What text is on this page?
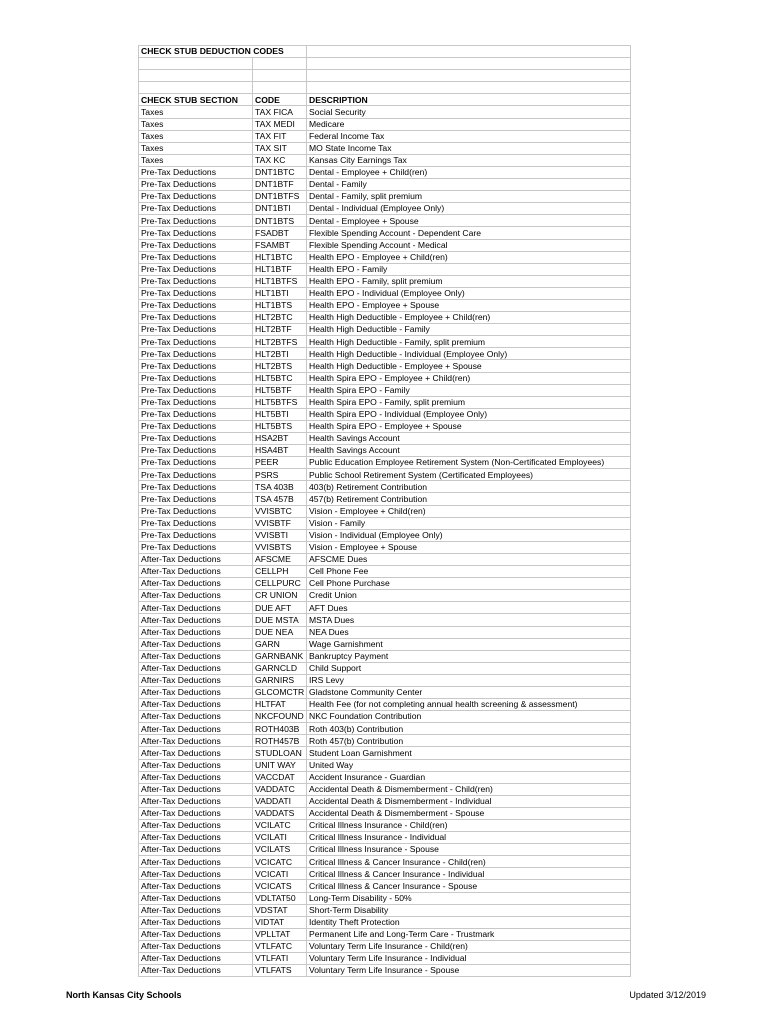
CHECK STUB DEDUCTION CODES		

CHECK STUB SECTION	CODE	DESCRIPTION
Taxes	TAX FICA	Social Security
Taxes	TAX MEDI	Medicare
Taxes	TAX FIT	Federal Income Tax
Taxes	TAX SIT	MO State Income Tax
Taxes	TAX KC	Kansas City Earnings Tax
Pre-Tax Deductions	DNT1BTC	Dental - Employee + Child(ren)
Pre-Tax Deductions	DNT1BTF	Dental - Family
Pre-Tax Deductions	DNT1BTFS	Dental - Family, split premium
Pre-Tax Deductions	DNT1BTI	Dental - Individual (Employee Only)
Pre-Tax Deductions	DNT1BTS	Dental - Employee + Spouse
Pre-Tax Deductions	FSADBT	Flexible Spending Account - Dependent Care
Pre-Tax Deductions	FSAMBT	Flexible Spending Account - Medical
Pre-Tax Deductions	HLT1BTC	Health EPO - Employee + Child(ren)
Pre-Tax Deductions	HLT1BTF	Health EPO - Family
Pre-Tax Deductions	HLT1BTFS	Health EPO - Family, split premium
Pre-Tax Deductions	HLT1BTI	Health EPO - Individual (Employee Only)
Pre-Tax Deductions	HLT1BTS	Health EPO - Employee + Spouse
Pre-Tax Deductions	HLT2BTC	Health High Deductible - Employee + Child(ren)
Pre-Tax Deductions	HLT2BTF	Health High Deductible - Family
Pre-Tax Deductions	HLT2BTFS	Health High Deductible - Family, split premium
Pre-Tax Deductions	HLT2BTI	Health High Deductible - Individual (Employee Only)
Pre-Tax Deductions	HLT2BTS	Health High Deductible - Employee + Spouse
Pre-Tax Deductions	HLT5BTC	Health Spira EPO - Employee + Child(ren)
Pre-Tax Deductions	HLT5BTF	Health Spira EPO - Family
Pre-Tax Deductions	HLT5BTFS	Health Spira EPO - Family, split premium
Pre-Tax Deductions	HLT5BTI	Health Spira EPO - Individual (Employee Only)
Pre-Tax Deductions	HLT5BTS	Health Spira EPO - Employee + Spouse
Pre-Tax Deductions	HSA2BT	Health Savings Account
Pre-Tax Deductions	HSA4BT	Health Savings Account
Pre-Tax Deductions	PEER	Public Education Employee Retirement System (Non-Certificated Employees)
Pre-Tax Deductions	PSRS	Public School Retirement System (Certificated Employees)
Pre-Tax Deductions	TSA 403B	403(b) Retirement Contribution
Pre-Tax Deductions	TSA 457B	457(b) Retirement Contribution
Pre-Tax Deductions	VVISBTC	Vision - Employee + Child(ren)
Pre-Tax Deductions	VVISBTF	Vision - Family
Pre-Tax Deductions	VVISBTI	Vision - Individual (Employee Only)
Pre-Tax Deductions	VVISBTS	Vision - Employee + Spouse
After-Tax Deductions	AFSCME	AFSCME Dues
After-Tax Deductions	CELLPH	Cell Phone Fee
After-Tax Deductions	CELLPURC	Cell Phone Purchase
After-Tax Deductions	CR UNION	Credit Union
After-Tax Deductions	DUE AFT	AFT Dues
After-Tax Deductions	DUE MSTA	MSTA Dues
After-Tax Deductions	DUE NEA	NEA Dues
After-Tax Deductions	GARN	Wage Garnishment
After-Tax Deductions	GARNBANK	Bankruptcy Payment
After-Tax Deductions	GARNCLD	Child Support
After-Tax Deductions	GARNIRS	IRS Levy
After-Tax Deductions	GLCOMCTR	Gladstone Community Center
After-Tax Deductions	HLTFAT	Health Fee (for not completing annual health screening & assessment)
After-Tax Deductions	NKCFOUND	NKC Foundation Contribution
After-Tax Deductions	ROTH403B	Roth 403(b) Contribution
After-Tax Deductions	ROTH457B	Roth 457(b) Contribution
After-Tax Deductions	STUDLOAN	Student Loan Garnishment
After-Tax Deductions	UNIT WAY	United Way
After-Tax Deductions	VACCDAT	Accident Insurance - Guardian
After-Tax Deductions	VADDATC	Accidental Death & Dismemberment - Child(ren)
After-Tax Deductions	VADDATI	Accidental Death & Dismemberment - Individual
After-Tax Deductions	VADDATS	Accidental Death & Dismemberment - Spouse
After-Tax Deductions	VCILATC	Critical Illness Insurance - Child(ren)
After-Tax Deductions	VCILATI	Critical Illness Insurance - Individual
After-Tax Deductions	VCILATS	Critical Illness Insurance - Spouse
After-Tax Deductions	VCICATC	Critical Illness & Cancer Insurance - Child(ren)
After-Tax Deductions	VCICATI	Critical Illness & Cancer Insurance - Individual
After-Tax Deductions	VCICATS	Critical Illness & Cancer Insurance - Spouse
After-Tax Deductions	VDLTAT50	Long-Term Disability - 50%
After-Tax Deductions	VDSTAT	Short-Term Disability
After-Tax Deductions	VIDTAT	Identity Theft Protection
After-Tax Deductions	VPLLTAT	Permanent Life and Long-Term Care - Trustmark
After-Tax Deductions	VTLFATC	Voluntary Term Life Insurance - Child(ren)
After-Tax Deductions	VTLFATI	Voluntary Term Life Insurance - Individual
After-Tax Deductions	VTLFATS	Voluntary Term Life Insurance - Spouse
North Kansas City Schools	Updated 3/12/2019
